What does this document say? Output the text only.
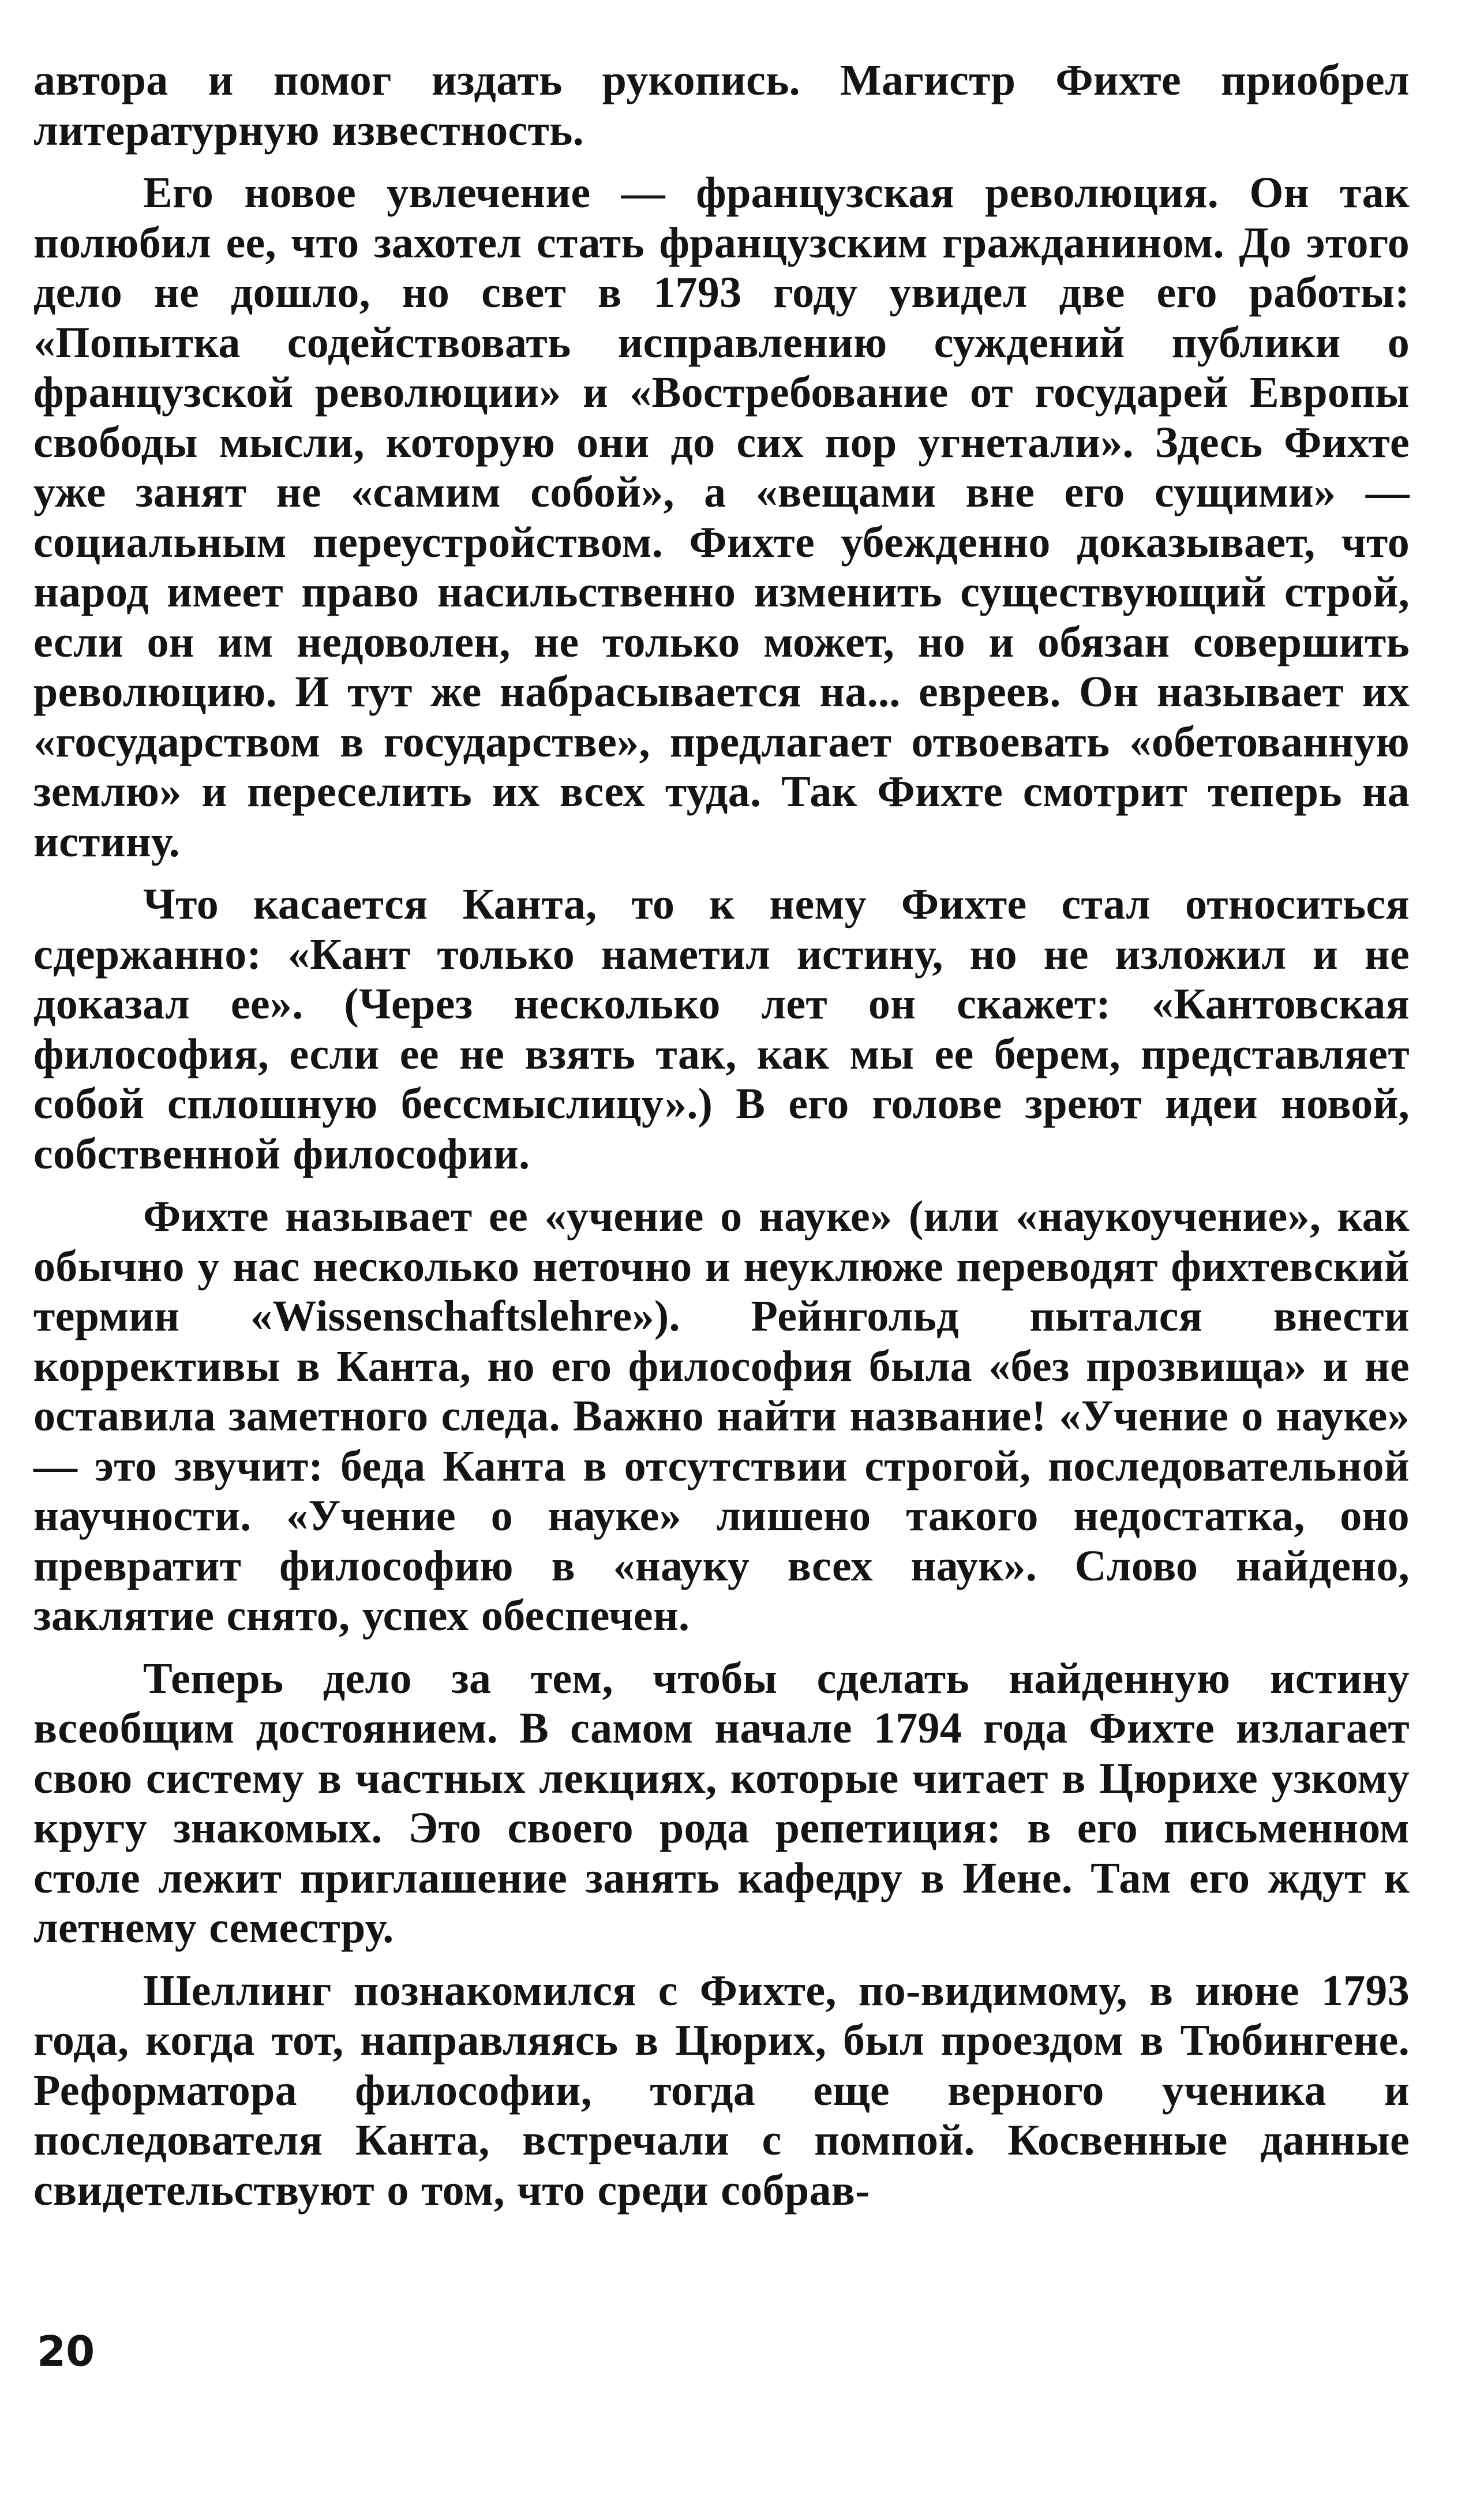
автора и помог издать рукопись. Магистр Фихте приобрел литературную известность.

Его новое увлечение — французская революция. Он так полюбил ее, что захотел стать французским гражданином. До этого дело не дошло, но свет в 1793 году увидел две его работы: «Попытка содействовать исправлению суждений публики о французской революции» и «Востребование от государей Европы свободы мысли, которую они до сих пор угнетали». Здесь Фихте уже занят не «самим собой», а «вещами вне его сущими» — социальным переустройством. Фихте убежденно доказывает, что народ имеет право насильственно изменить существующий строй, если он им недоволен, не только может, но и обязан совершить революцию. И тут же набрасывается на... евреев. Он называет их «государством в государстве», предлагает отвоевать «обетованную землю» и переселить их всех туда. Так Фихте смотрит теперь на истину.

Что касается Канта, то к нему Фихте стал относиться сдержанно: «Кант только наметил истину, но не изложил и не доказал ее». (Через несколько лет он скажет: «Кантовская философия, если ее не взять так, как мы ее берем, представляет собой сплошную бессмыслицу».) В его голове зреют идеи новой, собственной философии.

Фихте называет ее «учение о науке» (или «наукоучение», как обычно у нас несколько неточно и неуклюже переводят фихтевский термин «Wissenschaftslehre»). Рейнгольд пытался внести коррективы в Канта, но его философия была «без прозвища» и не оставила заметного следа. Важно найти название! «Учение о науке» — это звучит: беда Канта в отсутствии строгой, последовательной научности. «Учение о науке» лишено такого недостатка, оно превратит философию в «науку всех наук». Слово найдено, заклятие снято, успех обеспечен.

Теперь дело за тем, чтобы сделать найденную истину всеобщим достоянием. В самом начале 1794 года Фихте излагает свою систему в частных лекциях, которые читает в Цюрихе узкому кругу знакомых. Это своего рода репетиция: в его письменном столе лежит приглашение занять кафедру в Иене. Там его ждут к летнему семестру.

Шеллинг познакомился с Фихте, по-видимому, в июне 1793 года, когда тот, направляясь в Цюрих, был проездом в Тюбингене. Реформатора философии, тогда еще верного ученика и последователя Канта, встречали с помпой. Косвенные данные свидетельствуют о том, что среди собрав-

20
